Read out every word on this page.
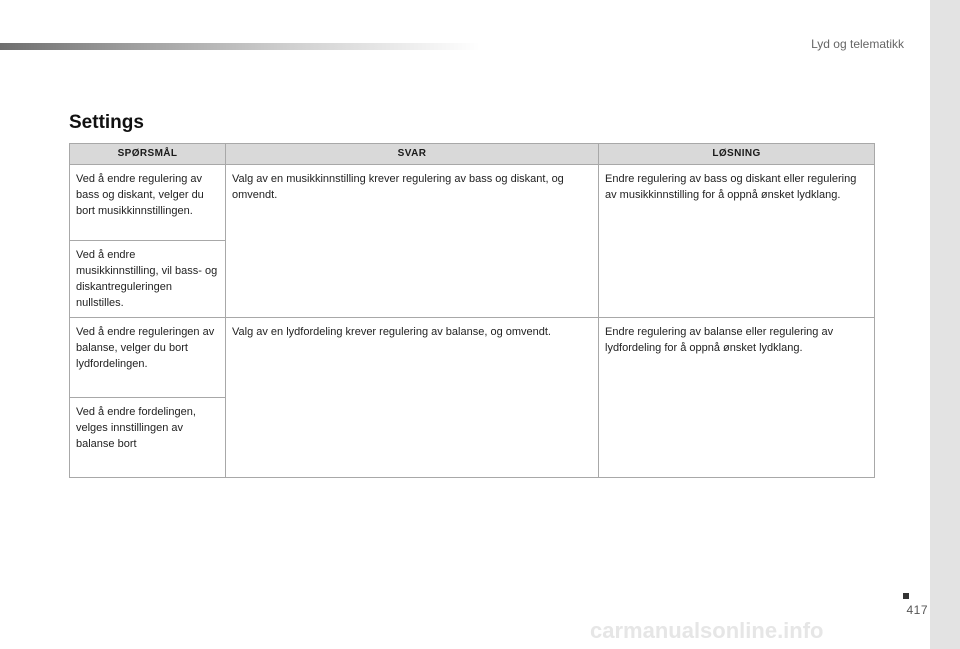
Lyd og telematikk
Settings
SPØRSMÅL	SVAR	LØSNING
Ved å endre regulering av bass og diskant, velger du bort musikkinnstillingen.	Valg av en musikkinnstilling krever regulering av bass og diskant, og omvendt.	Endre regulering av bass og diskant eller regulering av musikkinnstilling for å oppnå ønsket lydklang.
Ved å endre musikkinnstilling, vil bass- og diskantreguleringen nullstilles.		
Ved å endre reguleringen av balanse, velger du bort lydfordelingen.	Valg av en lydfordeling krever regulering av balanse, og omvendt.	Endre regulering av balanse eller regulering av lydfordeling for å oppnå ønsket lydklang.
Ved å endre fordelingen, velges innstillingen av balanse bort		
417
carmanualsonline.info
